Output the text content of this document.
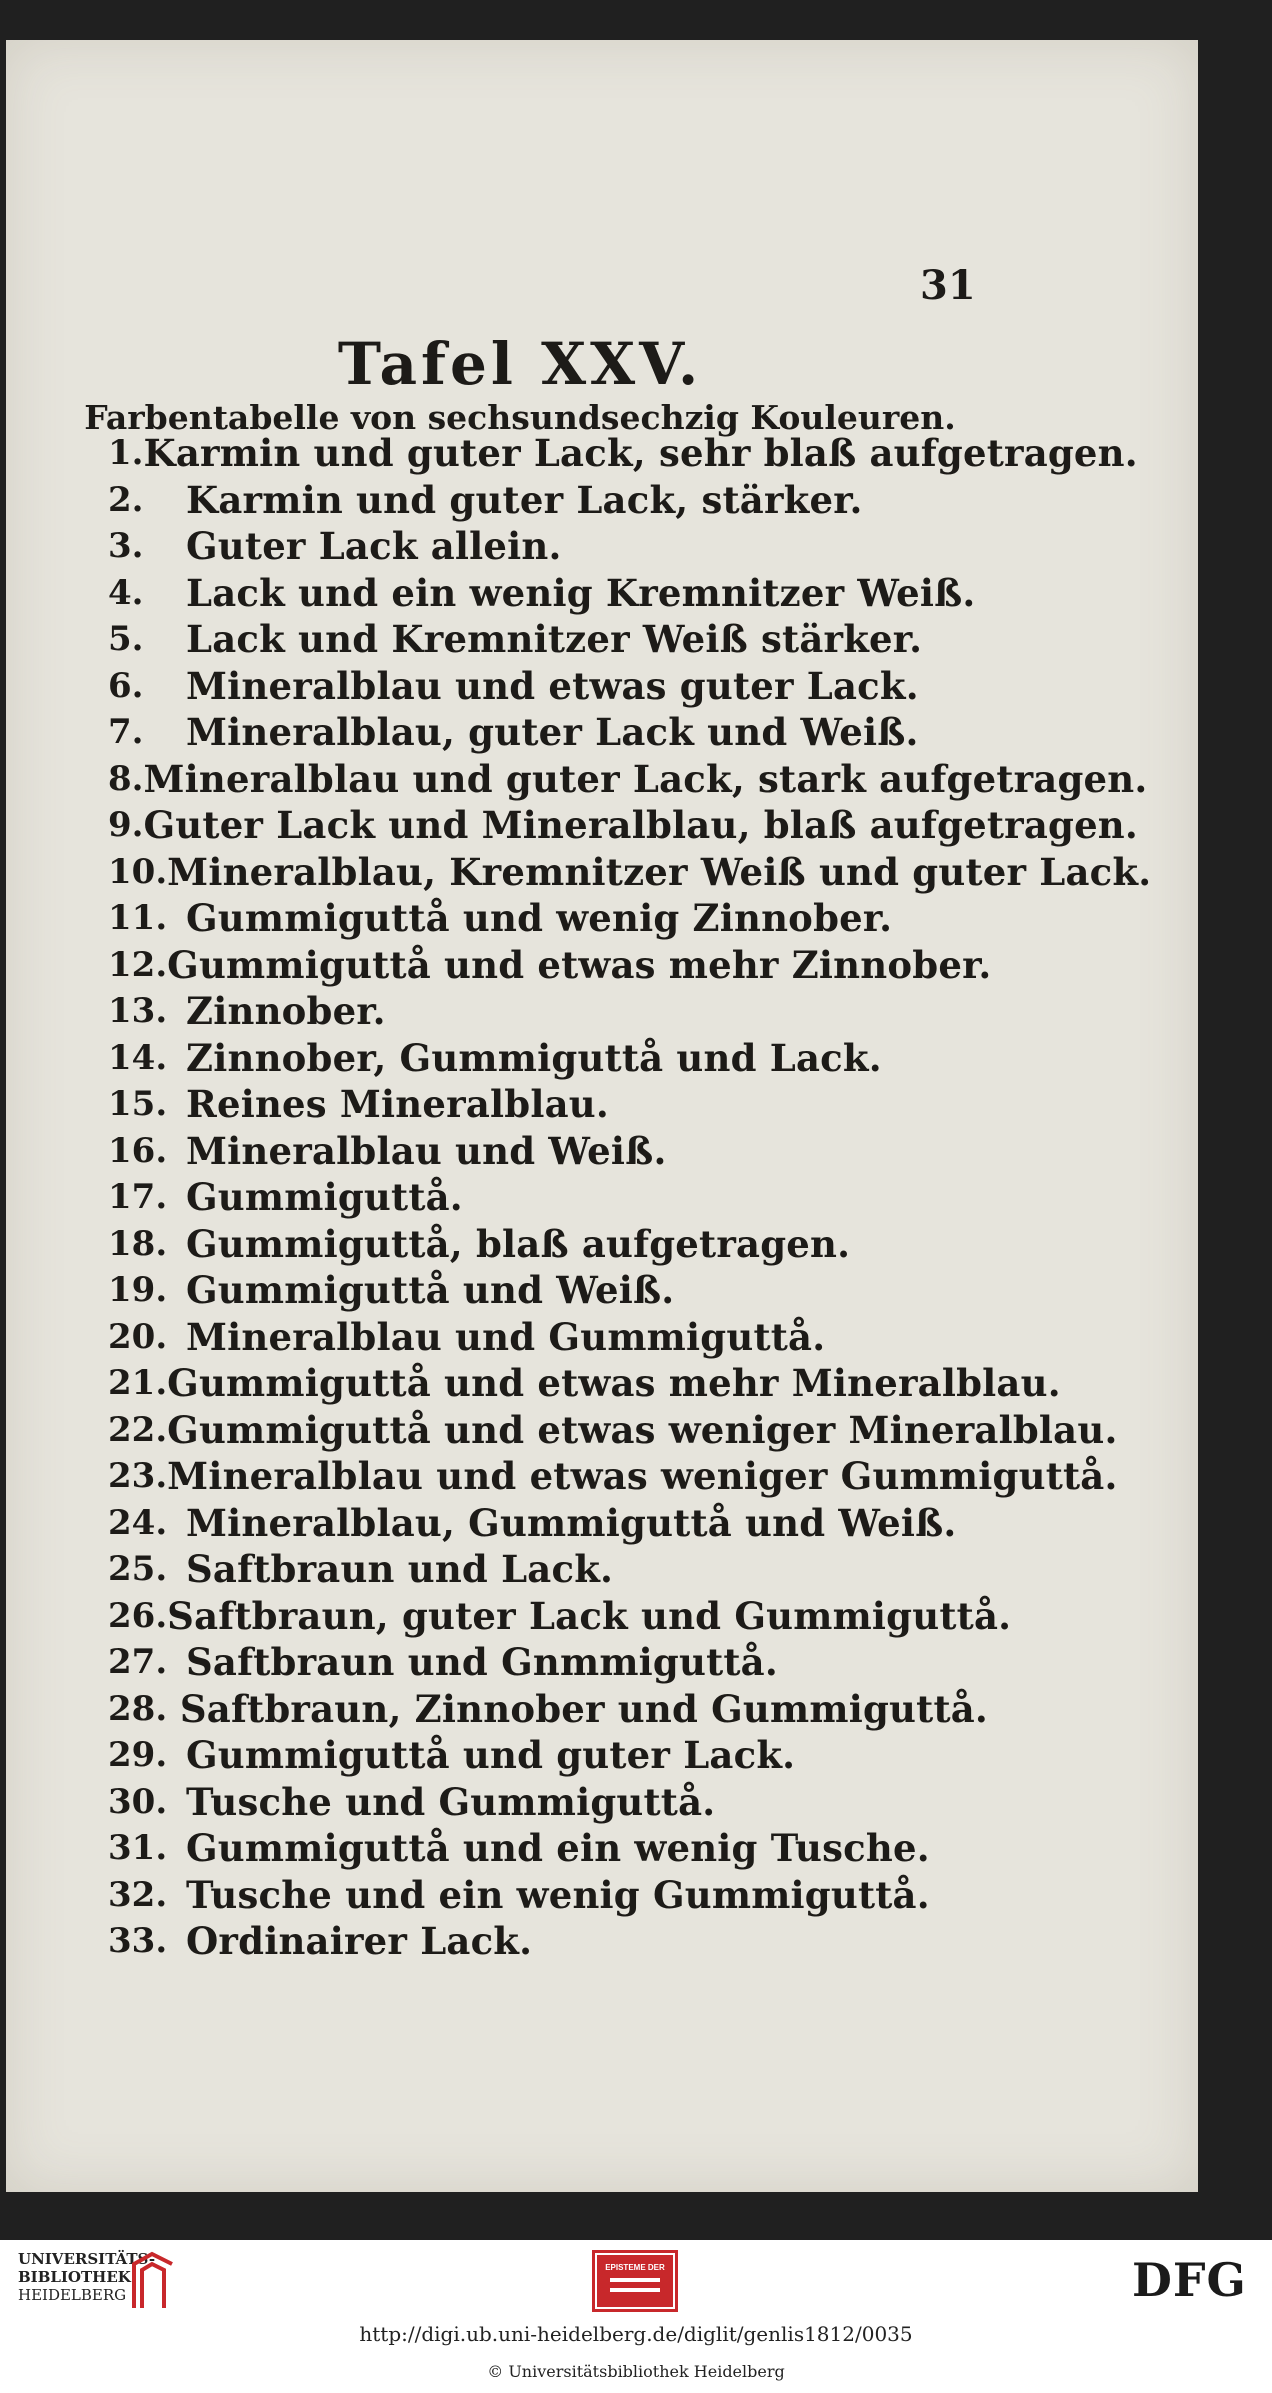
31
Tafel XXV.
Farbentabelle von sechsundsechzig Kouleuren.
1. Karmin und guter Lack, sehr blaß aufgetragen.
2.	Karmin und guter Lack, stärker.
3.	Guter Lack allein.
4.	Lack und ein wenig Kremnitzer Weiß.
5.	Lack und Kremnitzer Weiß stärker.
6.	Mineralblau und etwas guter Lack.
7.	Mineralblau, guter Lack und Weiß.
8. Mineralblau und guter Lack, stark aufgetragen.
9. Guter Lack und Mineralblau, blaß aufgetragen.
10. Mineralblau, Kremnitzer Weiß und guter Lack.
11. Gummiguttå und wenig Zinnober.
12. Gummiguttå und etwas mehr Zinnober.
13. Zinnober.
14. Zinnober, Gummiguttå und Lack.
15. Reines Mineralblau.
16. Mineralblau und Weiß.
17. Gummiguttå.
18. Gummiguttå, blaß aufgetragen.
19. Gummiguttå und Weiß.
20. Mineralblau und Gummiguttå.
21. Gummiguttå und etwas mehr Mineralblau.
22. Gummiguttå und etwas weniger Mineralblau.
23. Mineralblau und etwas weniger Gummiguttå.
24. Mineralblau, Gummiguttå und Weiß.
25. Saftbraun und Lack.
26. Saftbraun, guter Lack und Gummiguttå.
27. Saftbraun und Gnmmiguttå.
28. Saftbraun, Zinnober und Gummiguttå.
29. Gummiguttå und guter Lack.
30. Tusche und Gummiguttå.
31. Gummiguttå und ein wenig Tusche.
32. Tusche und ein wenig Gummiguttå.
33. Ordinairer Lack.
UNIVERSITÄTS-
BIBLIOTHEK
HEIDELBERG
EPISTEME DER	DFG
http://digi.ub.uni-heidelberg.de/diglit/genlis1812/0035
© Universitätsbibliothek Heidelberg
